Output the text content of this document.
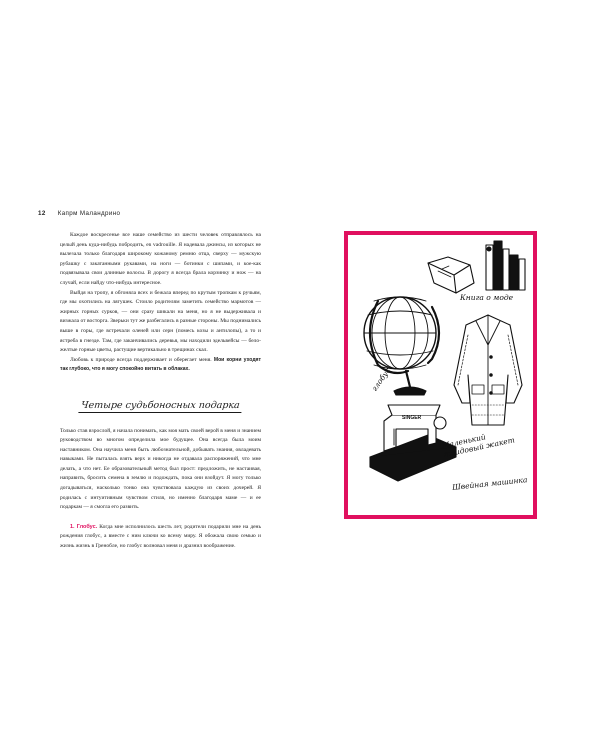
12 Капрм Маландрино

Каждое воскресенье все наше семейство из шести человек отправлялось на целый день куда-нибудь побродить, en vadrouille. Я надевала джинсы, из которых не вылезала только благодаря широкому кожаному ремню отца, сверху — мужскую рубашку с закатанными рукавами, на ноги — ботинки с шипами, и кое-как подвязывала свои длинные волосы. В дорогу я всегда брала корзинку и нож — на случай, если найду что-нибудь интересное.

Выйдя на тропу, я обгоняла всех и бежала вперед по крутым тропкам к ручьям, где мы охотились на лягушек. Стоило родителям заметить семейство мармотов — жирных горных сурков, — они сразу шикали на меня, но я не выдерживала и визжала от восторга. Зверьки тут же разбегались в разные стороны. Мы поднимались выше в горы, где встречали оленей или серн (помесь козы и антилопы), а то и ястреба в гнезде. Там, где заканчивались деревья, мы находили эдельвейсы — бело-желтые горные цветы, растущие вертикально в трещинах скал.

Любовь к природе всегда поддерживает и оберегает меня. Мои корни уходят так глубоко, что я могу спокойно витать в облаках.

Четыре судьбоносных подарка

Только став взрослой, я начала понимать, как моя мать своей верой в меня и знанием руководством во многом определила мое будущее. Она всегда была моим наставником. Она научила меня быть любознательной, добывать знания, овладевать навыками. Не пыталась взять верх и никогда не отдавала распоряжений, что мне делать, а что нет. Ее образовательный метод был прост: предложить, не настаивая, направить, бросить семена в землю и подождать, пока они взойдут. Я могу только догадываться, насколько тонко она чувствовала каждую из своих дочерей. Я родилась с интуитивным чувством стиля, но именно благодаря маме — и ее подаркам — я смогла его развить.

1. Глобус. Когда мне исполнилось шесть лет, родители подарили мне на день рождения глобус, а вместе с ним ключи ко всему миру. Я обожала свою семью и жизнь жизнь в Гренобле, но глобус волновал меня и дразнил воображение.

Книга о моде
глобус
Маленький твидовый жакет
SINGER
Швейная машинка
